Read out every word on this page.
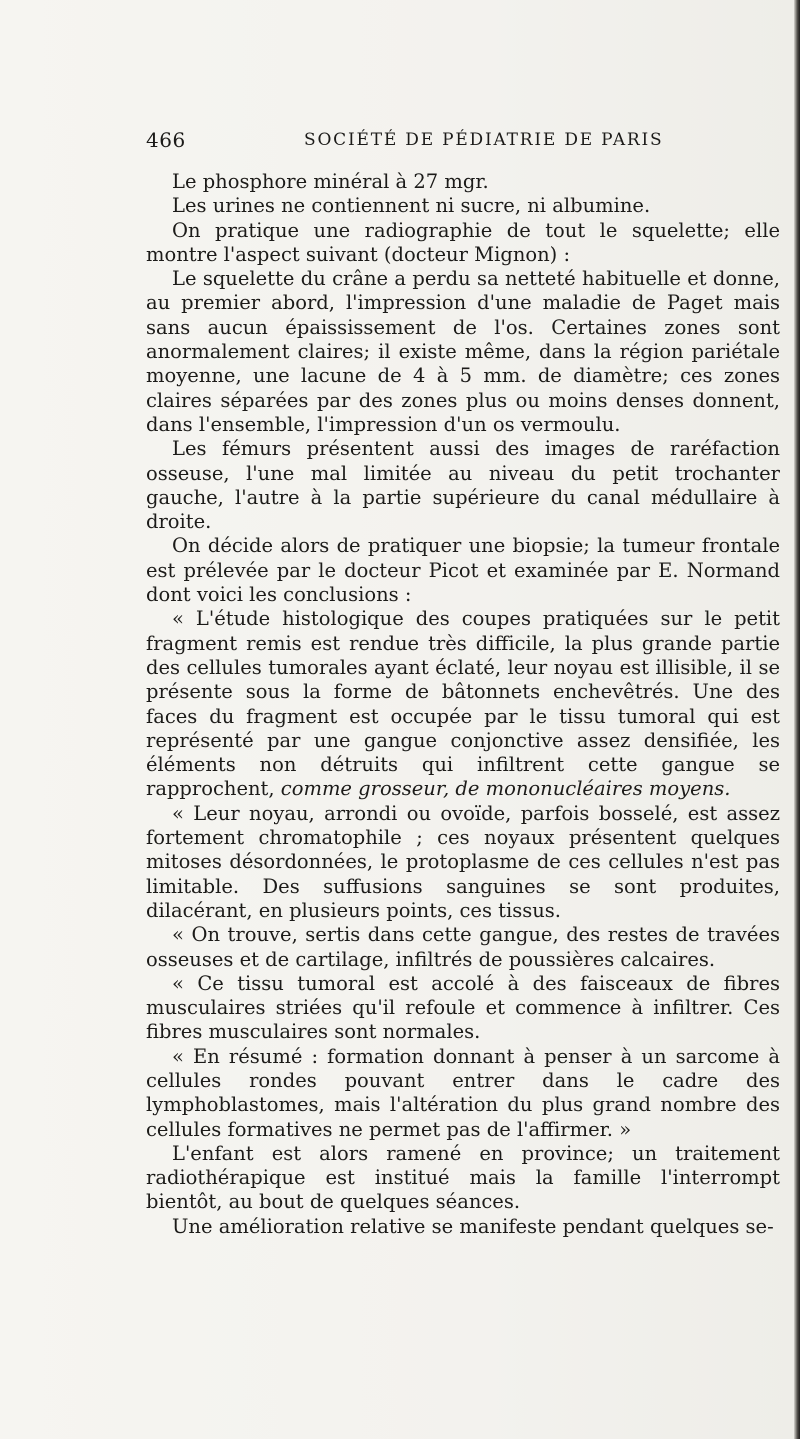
466	SOCIÉTÉ DE PÉDIATRIE DE PARIS

Le phosphore minéral à 27 mgr.

Les urines ne contiennent ni sucre, ni albumine.

On pratique une radiographie de tout le squelette; elle montre l'aspect suivant (docteur Mignon) :

Le squelette du crâne a perdu sa netteté habituelle et donne, au premier abord, l'impression d'une maladie de Paget mais sans aucun épaississement de l'os. Certaines zones sont anormalement claires; il existe même, dans la région pariétale moyenne, une lacune de 4 à 5 mm. de diamètre; ces zones claires séparées par des zones plus ou moins denses donnent, dans l'ensemble, l'impression d'un os vermoulu.

Les fémurs présentent aussi des images de raréfaction osseuse, l'une mal limitée au niveau du petit trochanter gauche, l'autre à la partie supérieure du canal médullaire à droite.

On décide alors de pratiquer une biopsie; la tumeur frontale est prélevée par le docteur Picot et examinée par E. Normand dont voici les conclusions :

« L'étude histologique des coupes pratiquées sur le petit fragment remis est rendue très difficile, la plus grande partie des cellules tumorales ayant éclaté, leur noyau est illisible, il se présente sous la forme de bâtonnets enchevêtrés. Une des faces du fragment est occupée par le tissu tumoral qui est représenté par une gangue conjonctive assez densifiée, les éléments non détruits qui infiltrent cette gangue se rapprochent, comme grosseur, de mononucléaires moyens.

« Leur noyau, arrondi ou ovoïde, parfois bosselé, est assez fortement chromatophile ; ces noyaux présentent quelques mitoses désordonnées, le protoplasme de ces cellules n'est pas limitable. Des suffusions sanguines se sont produites, dilacérant, en plusieurs points, ces tissus.

« On trouve, sertis dans cette gangue, des restes de travées osseuses et de cartilage, infiltrés de poussières calcaires.

« Ce tissu tumoral est accolé à des faisceaux de fibres musculaires striées qu'il refoule et commence à infiltrer. Ces fibres musculaires sont normales.

« En résumé : formation donnant à penser à un sarcome à cellules rondes pouvant entrer dans le cadre des lymphoblastomes, mais l'altération du plus grand nombre des cellules formatives ne permet pas de l'affirmer. »

L'enfant est alors ramené en province; un traitement radiothérapique est institué mais la famille l'interrompt bientôt, au bout de quelques séances.

Une amélioration relative se manifeste pendant quelques se-
